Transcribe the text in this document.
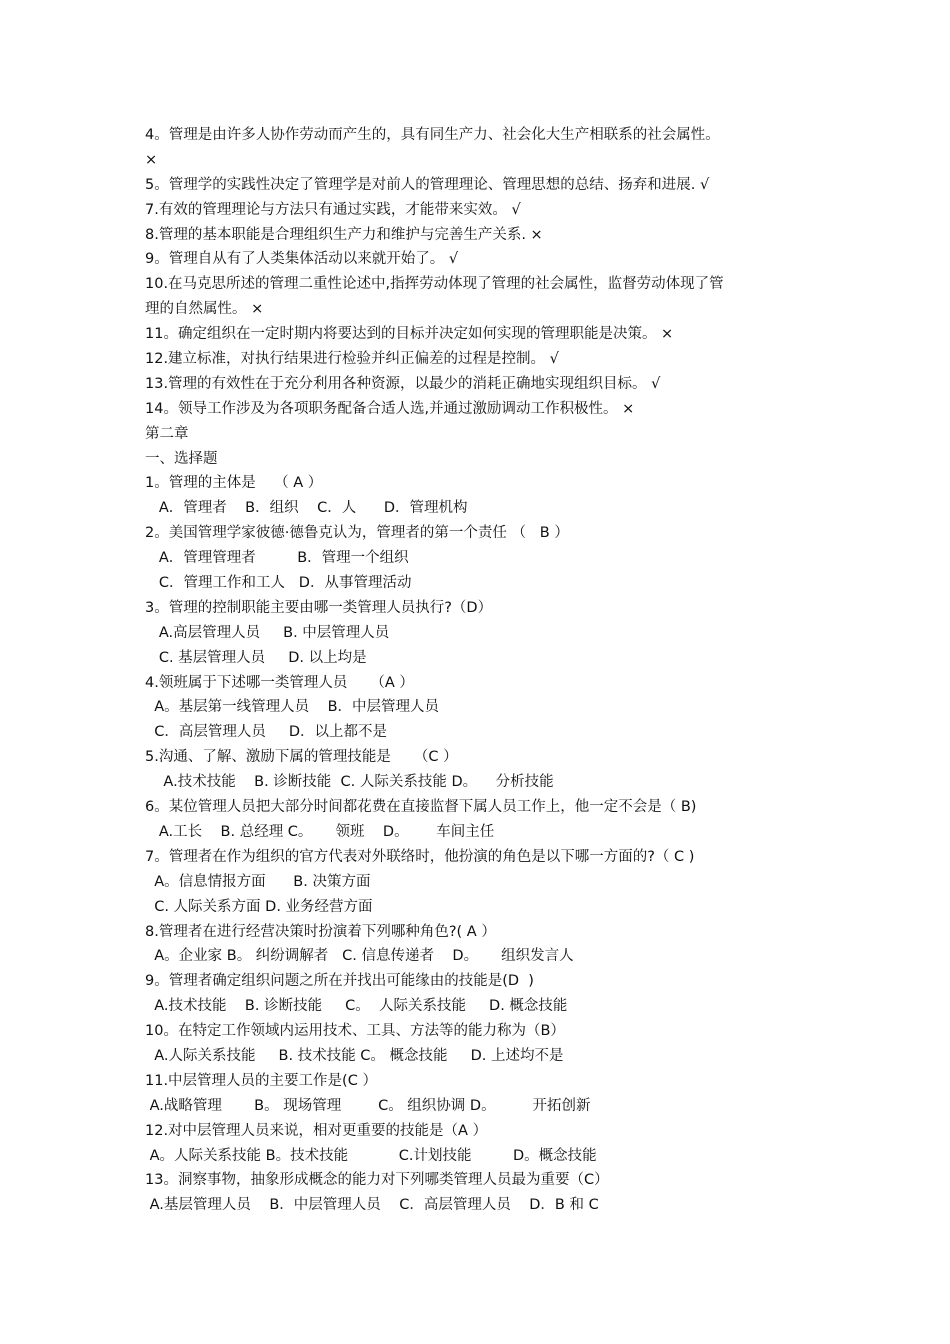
4。管理是由许多人协作劳动而产生的，具有同生产力、社会化大生产相联系的社会属性。
×
5。管理学的实践性决定了管理学是对前人的管理理论、管理思想的总结、扬弃和进展. √
7.有效的管理理论与方法只有通过实践，才能带来实效。 √
8.管理的基本职能是合理组织生产力和维护与完善生产关系. ×
9。管理自从有了人类集体活动以来就开始了。 √
10.在马克思所述的管理二重性论述中,指挥劳动体现了管理的社会属性，监督劳动体现了管
理的自然属性。 ×
11。确定组织在一定时期内将要达到的目标并决定如何实现的管理职能是决策。 ×
12.建立标准，对执行结果进行检验并纠正偏差的过程是控制。 √
13.管理的有效性在于充分利用各种资源，以最少的消耗正确地实现组织目标。 √
14。领导工作涉及为各项职务配备合适人选,并通过激励调动工作积极性。 ×
第二章
一、选择题
1。管理的主体是    （ A ）
A．管理者    B．组织    C．人      D．管理机构
2。美国管理学家彼德·德鲁克认为，管理者的第一个责任 （   B ）
A．管理管理者         B．管理一个组织
C．管理工作和工人   D．从事管理活动
3。管理的控制职能主要由哪一类管理人员执行?（D）
A.高层管理人员     B. 中层管理人员
C. 基层管理人员     D. 以上均是
4.领班属于下述哪一类管理人员     （A ）
A。基层第一线管理人员    B．中层管理人员
C．高层管理人员     D．以上都不是
5.沟通、了解、激励下属的管理技能是     （C ）
A.技术技能    B. 诊断技能  C. 人际关系技能 D。    分析技能
6。某位管理人员把大部分时间都花费在直接监督下属人员工作上，他一定不会是（ B)
A.工长    B. 总经理 C。     领班    D。      车间主任
7。管理者在作为组织的官方代表对外联络时，他扮演的角色是以下哪一方面的?（ C )
A。信息情报方面      B. 决策方面
C. 人际关系方面 D. 业务经营方面
8.管理者在进行经营决策时扮演着下列哪种角色?( A ）
A。企业家 B。 纠纷调解者   C. 信息传递者    D。     组织发言人
9。管理者确定组织问题之所在并找出可能缘由的技能是(D  )
A.技术技能    B. 诊断技能     C。  人际关系技能     D. 概念技能
10。在特定工作领域内运用技术、工具、方法等的能力称为（B）
A.人际关系技能     B. 技术技能 C。 概念技能     D. 上述均不是
11.中层管理人员的主要工作是(C ）
A.战略管理       B。 现场管理        C。 组织协调 D。        开拓创新
12.对中层管理人员来说，相对更重要的技能是（A ）
A。人际关系技能 B。技术技能           C.计划技能         D。概念技能
13。洞察事物，抽象形成概念的能力对下列哪类管理人员最为重要（C）
A.基层管理人员    B．中层管理人员    C．高层管理人员    D．B 和 C
